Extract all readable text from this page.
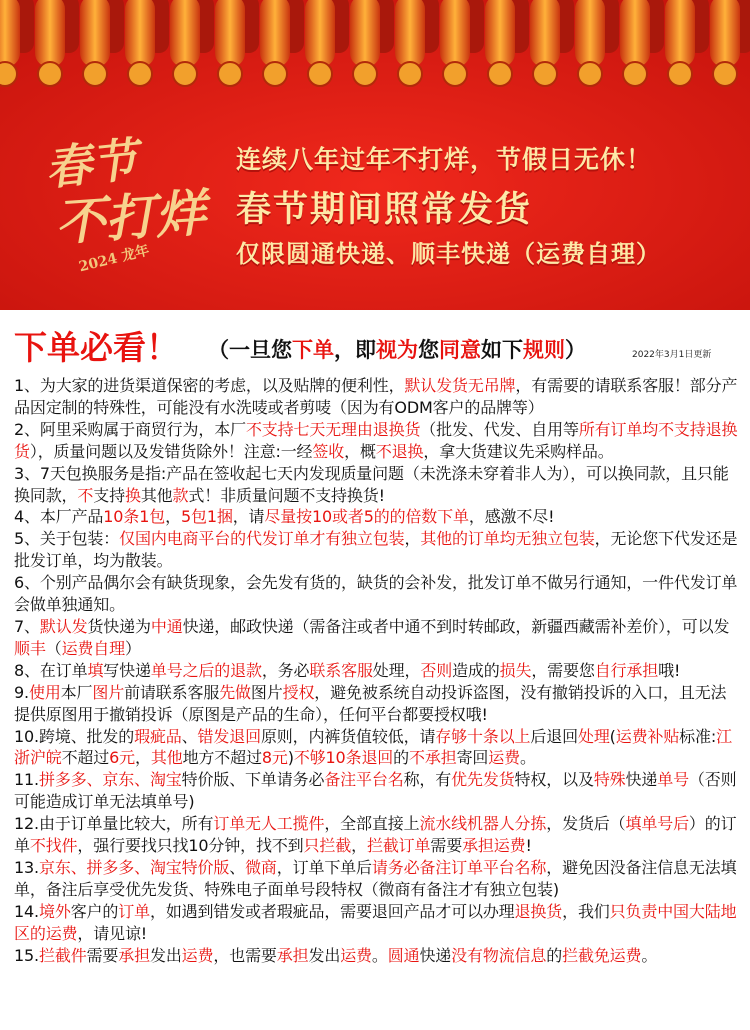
春节
不打烊
2024 龙年
连续八年过年不打烊，节假日无休！
春节期间照常发货
仅限圆通快递、顺丰快递（运费自理）
下单必看！ （一旦您下单，即视为您同意如下规则）	2022年3月1日更新

1、为大家的进货渠道保密的考虑，以及贴牌的便利性，默认发货无吊牌，有需要的请联系客服！部分产品因定制的特殊性，可能没有水洗唛或者剪唛（因为有ODM客户的品牌等）

2、阿里采购属于商贸行为，本厂不支持七天无理由退换货（批发、代发、自用等所有订单均不支持退换货），质量问题以及发错货除外！注意:一经签收，概不退换，拿大货建议先采购样品。

3、7天包换服务是指:产品在签收起七天内发现质量问题（未洗涤未穿着非人为），可以换同款，且只能换同款，不支持换其他款式！非质量问题不支持换货!

4、本厂产品10条1包，5包1捆，请尽量按10或者5的的倍数下单，感激不尽!

5、关于包装：仅国内电商平台的代发订单才有独立包装，其他的订单均无独立包装，无论您下代发还是批发订单，均为散装。

6、个别产品偶尔会有缺货现象，会先发有货的，缺货的会补发，批发订单不做另行通知，一件代发订单会做单独通知。

7、默认发货快递为中通快递，邮政快递（需备注或者中通不到时转邮政，新疆西藏需补差价），可以发顺丰（运费自理）

8、在订单填写快递单号之后的退款，务必联系客服处理，否则造成的损失，需要您自行承担哦!

9.使用本厂图片前请联系客服先做图片授权，避免被系统自动投诉盗图，没有撤销投诉的入口，且无法提供原图用于撤销投诉（原图是产品的生命），任何平台都要授权哦!

10.跨境、批发的瑕疵品、错发退回原则，内裤货值较低，请存够十条以上后退回处理(运费补贴标准:江浙沪皖不超过6元，其他地方不超过8元)不够10条退回的不承担寄回运费。

11.拼多多、京东、淘宝特价版、下单请务必备注平台名称，有优先发货特权，以及特殊快递单号（否则可能造成订单无法填单号)

12.由于订单量比较大，所有订单无人工揽件，全部直接上流水线机器人分拣，发货后（填单号后）的订单不找件，强行要找只找10分钟，找不到只拦截，拦截订单需要承担运费!

13.京东、拼多多、淘宝特价版、微商，订单下单后请务必备注订单平台名称，避免因没备注信息无法填单，备注后享受优先发货、特殊电子面单号段特权（微商有备注才有独立包装)

14.境外客户的订单，如遇到错发或者瑕疵品，需要退回产品才可以办理退换货，我们只负责中国大陆地区的运费，请见谅!

15.拦截件需要承担发出运费，也需要承担发出运费。圆通快递没有物流信息的拦截免运费。
